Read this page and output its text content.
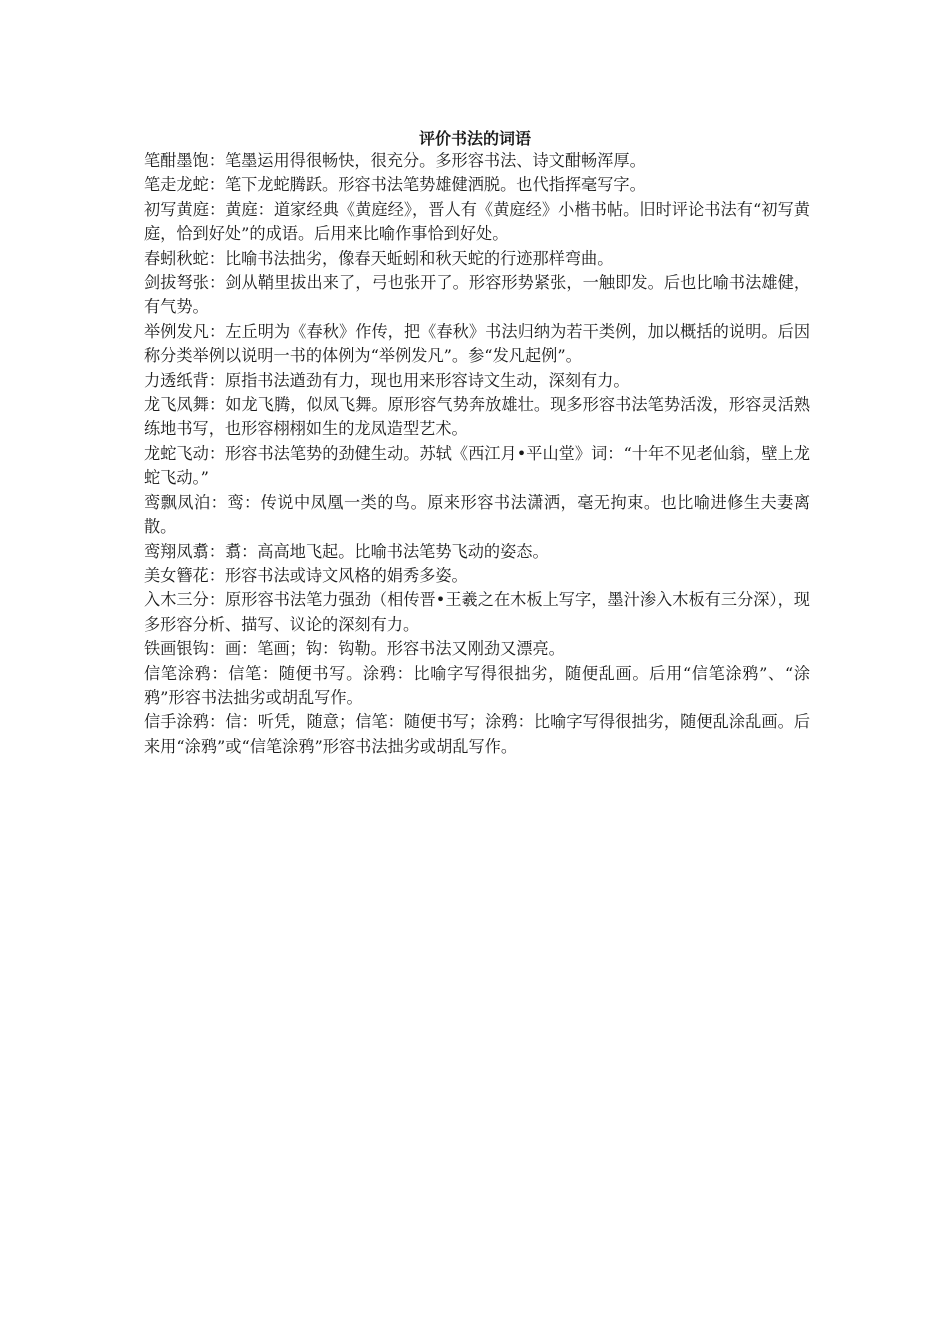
评价书法的词语

笔酣墨饱：笔墨运用得很畅快，很充分。多形容书法、诗文酣畅浑厚。

笔走龙蛇：笔下龙蛇腾跃。形容书法笔势雄健洒脱。也代指挥毫写字。

初写黄庭：黄庭：道家经典《黄庭经》，晋人有《黄庭经》小楷书帖。旧时评论书法有“初写黄庭，恰到好处”的成语。后用来比喻作事恰到好处。

春蚓秋蛇：比喻书法拙劣，像春天蚯蚓和秋天蛇的行迹那样弯曲。

剑拔弩张：剑从鞘里拔出来了，弓也张开了。形容形势紧张，一触即发。后也比喻书法雄健，有气势。

举例发凡：左丘明为《春秋》作传，把《春秋》书法归纳为若干类例，加以概括的说明。后因称分类举例以说明一书的体例为“举例发凡”。参“发凡起例”。

力透纸背：原指书法遒劲有力，现也用来形容诗文生动，深刻有力。

龙飞凤舞：如龙飞腾，似凤飞舞。原形容气势奔放雄壮。现多形容书法笔势活泼，形容灵活熟练地书写，也形容栩栩如生的龙凤造型艺术。

龙蛇飞动：形容书法笔势的劲健生动。苏轼《西江月•平山堂》词：“十年不见老仙翁，壁上龙蛇飞动。”

鸾飘凤泊：鸾：传说中凤凰一类的鸟。原来形容书法潇洒，毫无拘束。也比喻进修生夫妻离散。

鸾翔凤翥：翥：高高地飞起。比喻书法笔势飞动的姿态。

美女簪花：形容书法或诗文风格的娟秀多姿。

入木三分：原形容书法笔力强劲（相传晋•王羲之在木板上写字，墨汁渗入木板有三分深），现多形容分析、描写、议论的深刻有力。

铁画银钩：画：笔画；钩：钩勒。形容书法又刚劲又漂亮。

信笔涂鸦：信笔：随便书写。涂鸦：比喻字写得很拙劣，随便乱画。后用“信笔涂鸦”、“涂鸦”形容书法拙劣或胡乱写作。

信手涂鸦：信：听凭，随意；信笔：随便书写；涂鸦：比喻字写得很拙劣，随便乱涂乱画。后来用“涂鸦”或“信笔涂鸦”形容书法拙劣或胡乱写作。
